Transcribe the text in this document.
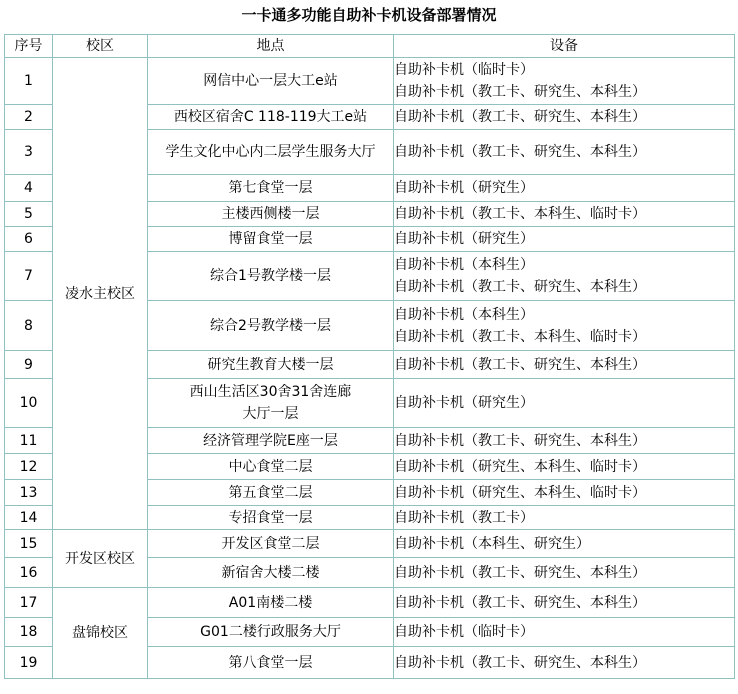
一卡通多功能自助补卡机设备部署情况
序号	校区	地点	设备
1	凌水主校区	网信中心一层大工e站	自助补卡机（临时卡）
自助补卡机（教工卡、研究生、本科生）

2		西校区宿舍C 118-119大工e站	自助补卡机（教工卡、研究生、本科生）

3		学生文化中心内二层学生服务大厅	自助补卡机（教工卡、研究生、本科生）

4		第七食堂一层	自助补卡机（研究生）

5		主楼西侧楼一层	自助补卡机（教工卡、本科生、临时卡）

6		博留食堂一层	自助补卡机（研究生）

7		综合1号教学楼一层	自助补卡机（本科生）
自助补卡机（教工卡、研究生、本科生）

8		综合2号教学楼一层	自助补卡机（本科生）
自助补卡机（教工卡、本科生、临时卡）

9		研究生教育大楼一层	自助补卡机（教工卡、研究生、本科生）

10		西山生活区30舍31舍连廊
大厅一层	自助补卡机（研究生）

11		经济管理学院E座一层	自助补卡机（教工卡、研究生、本科生）

12		中心食堂二层	自助补卡机（研究生、本科生、临时卡）

13		第五食堂二层	自助补卡机（研究生、本科生、临时卡）

14		专招食堂一层	自助补卡机（教工卡）

15	开发区校区	开发区食堂二层	自助补卡机（本科生、研究生）

16		新宿舍大楼二楼	自助补卡机（教工卡、研究生、本科生）

17	盘锦校区	A01南楼二楼	自助补卡机（教工卡、研究生、本科生）

18		G01二楼行政服务大厅	自助补卡机（临时卡）

19		第八食堂一层	自助补卡机（教工卡、研究生、本科生）
